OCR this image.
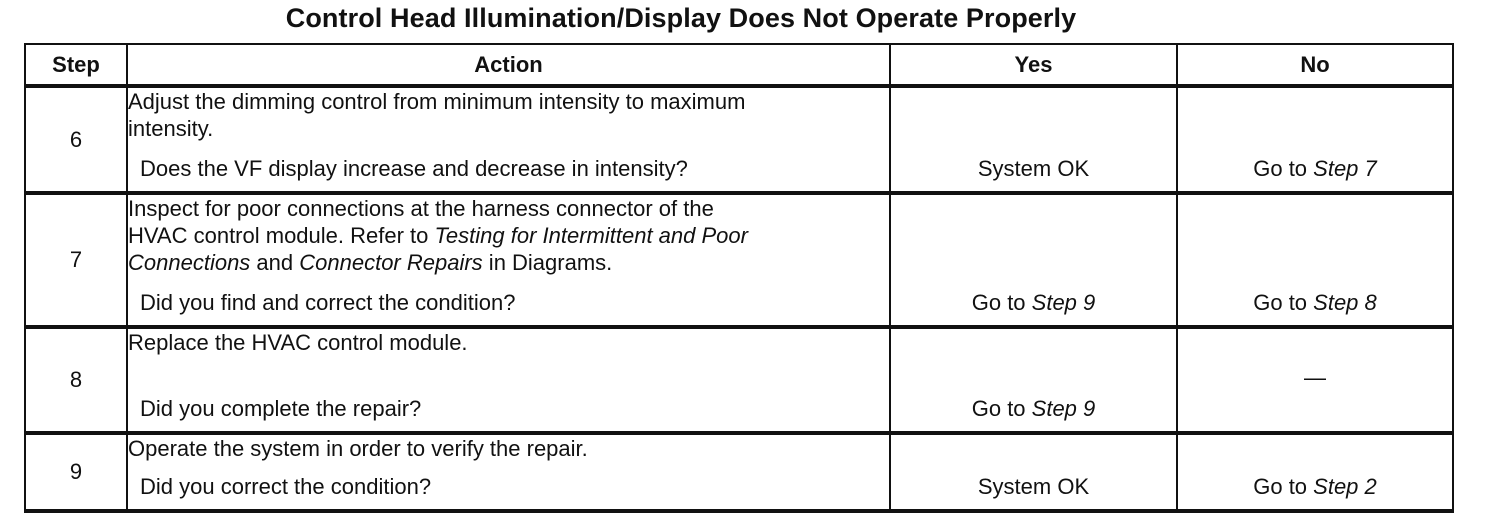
Control Head Illumination/Display Does Not Operate Properly
Step	Action	Yes	No
6	Adjust the dimming control from minimum intensity to maximum
intensity.
Does the VF display increase and decrease in intensity?	System OK	Go to Step 7

7	Inspect for poor connections at the harness connector of the
HVAC control module. Refer to Testing for Intermittent and Poor
Connections and Connector Repairs in Diagrams.
Did you find and correct the condition?	Go to Step 9	Go to Step 8

8	Replace the HVAC control module.
Did you complete the repair?	Go to Step 9	—

9	Operate the system in order to verify the repair.
Did you correct the condition?	System OK	Go to Step 2
